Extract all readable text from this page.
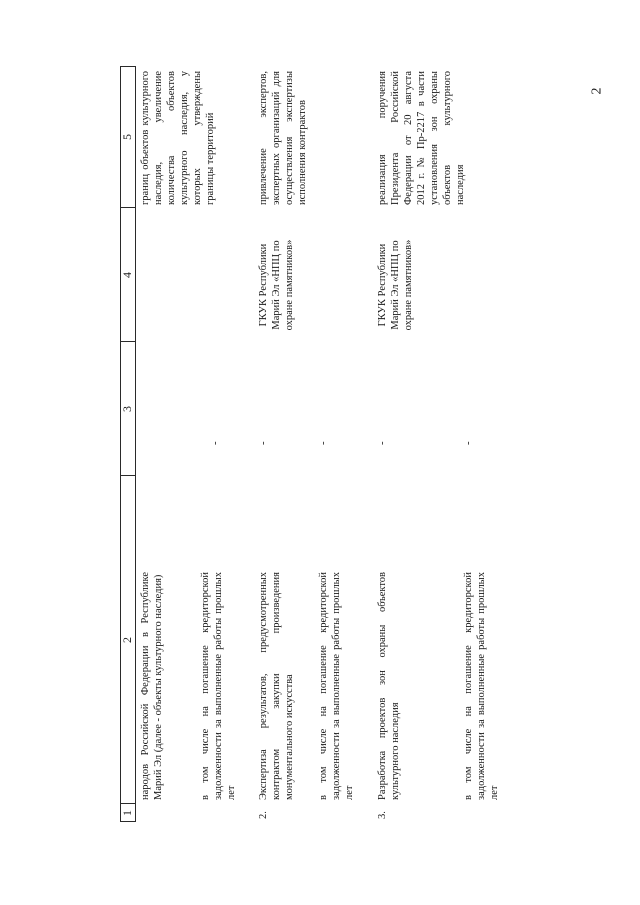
2
1
2
3
4
5
народов Российской Федерации в Республике Марий Эл (далее - объекты культурного наследия)
границ объектов культурного наследия, увеличение количества объектов культурного наследия, у которых утверждены границы территорий
в том числе на погашение кредиторской задолженности за выполненные работы прошлых лет
-
2.
Экспертиза результатов, предусмотренных контрактом закупки произведения монументального искусства
-
ГКУК Республики Марий Эл «НПЦ по охране памятников»
привлечение экспертов, экспертных организаций для осуществления экспертизы исполнения контрактов
в том числе на погашение кредиторской задолженности за выполненные работы прошлых лет
-
3.
Разработка проектов зон охраны объектов культурного наследия
-
ГКУК Республики Марий Эл «НПЦ по охране памятников»
реализация поручения Президента Российской Федерации от 20 августа 2012 г. № Пр-2217 в части установления зон охраны объектов культурного наследия
в том числе на погашение кредиторской задолженности за выполненные работы прошлых лет
-
